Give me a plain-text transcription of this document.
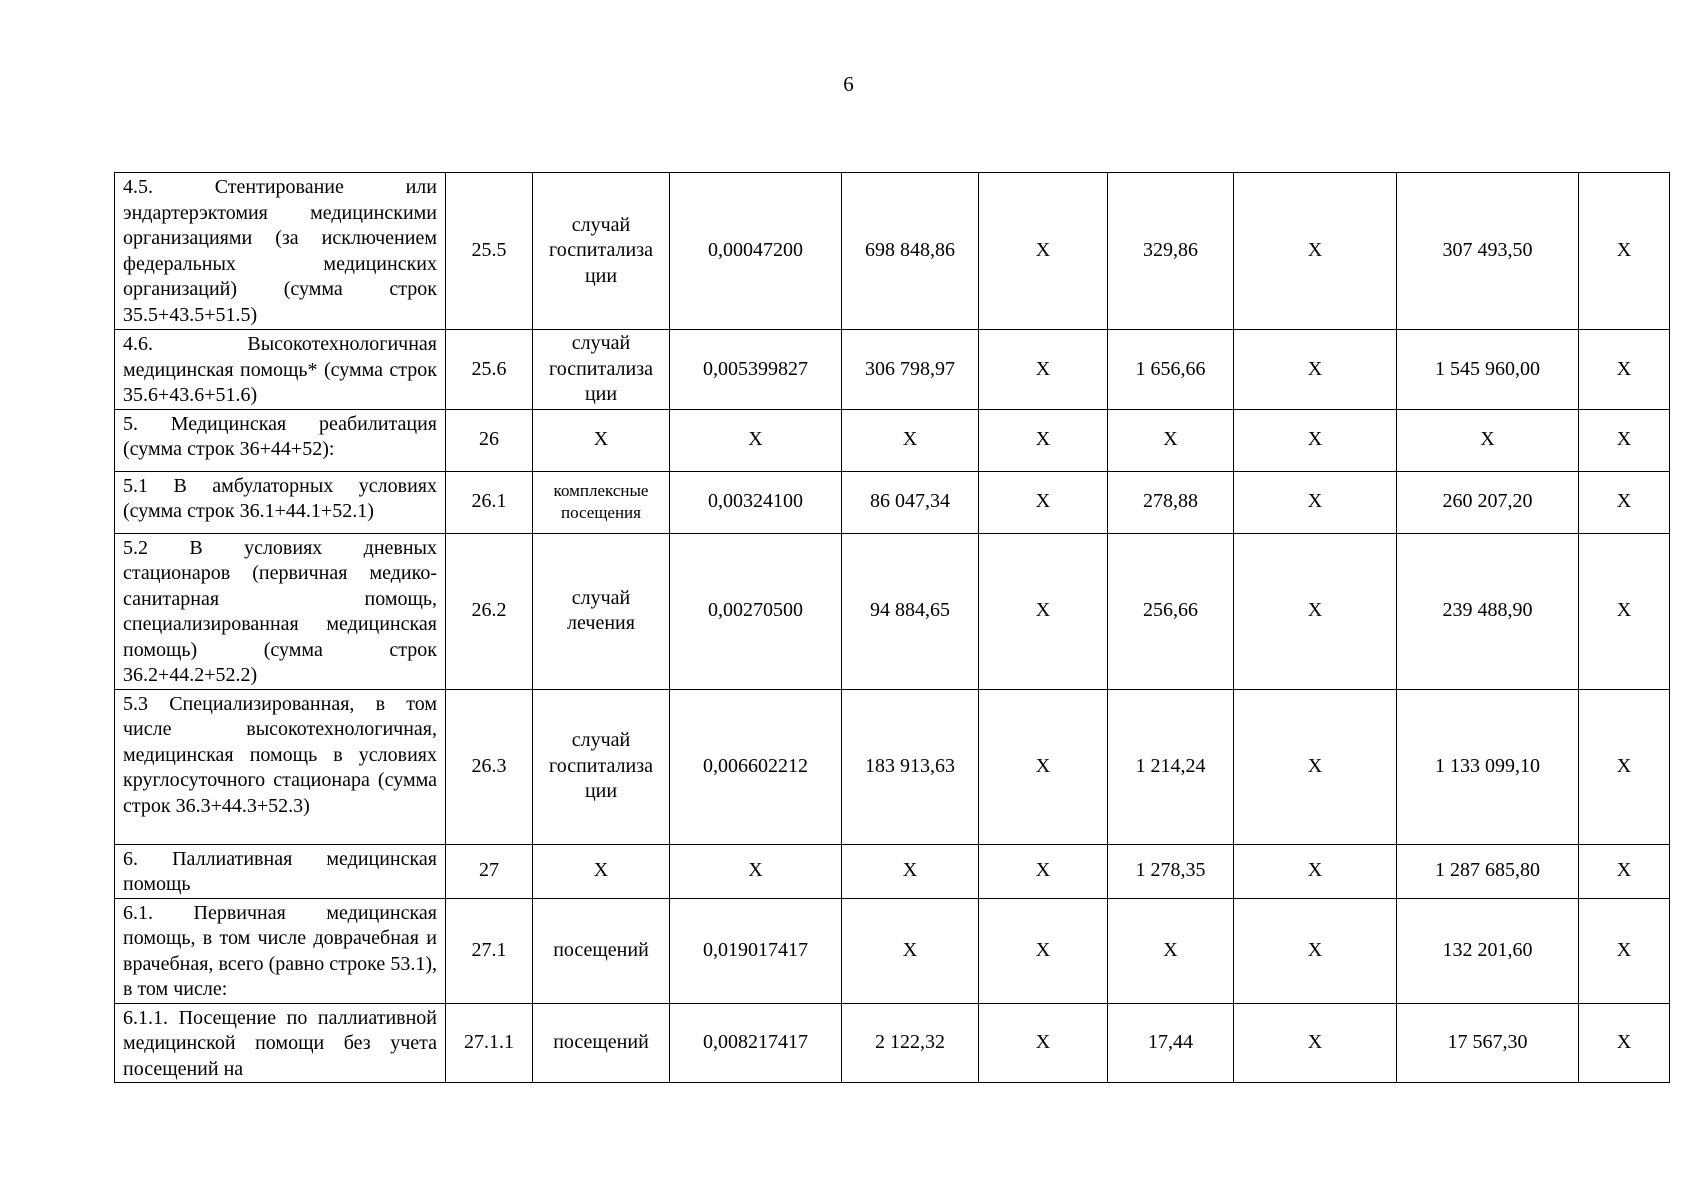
6
4.5. Стентирование или эндартерэктомия медицинскими организациями (за исключением федеральных медицинских организаций) (сумма строк 35.5+43.5+51.5)	25.5	случай госпитализа ции	0,00047200	698 848,86	Х	329,86	Х	307 493,50	Х
4.6. Высокотехнологичная медицинская помощь* (сумма строк 35.6+43.6+51.6)	25.6	случай госпитализа ции	0,005399827	306 798,97	Х	1 656,66	Х	1 545 960,00	Х
5. Медицинская реабилитация (сумма строк 36+44+52):	26	Х	Х	Х	Х	Х	Х	Х	Х
5.1 В амбулаторных условиях (сумма строк 36.1+44.1+52.1)	26.1	комплексные посещения	0,00324100	86 047,34	Х	278,88	Х	260 207,20	Х
5.2 В условиях дневных стационаров (первичная медико-санитарная помощь, специализированная медицинская помощь) (сумма строк 36.2+44.2+52.2)	26.2	случай лечения	0,00270500	94 884,65	Х	256,66	Х	239 488,90	Х
5.3 Специализированная, в том числе высокотехнологичная, медицинская помощь в условиях круглосуточного стационара (сумма строк 36.3+44.3+52.3)	26.3	случай госпитализа ции	0,006602212	183 913,63	Х	1 214,24	Х	1 133 099,10	Х
6. Паллиативная медицинская помощь	27	Х	Х	Х	Х	1 278,35	Х	1 287 685,80	Х
6.1. Первичная медицинская помощь, в том числе доврачебная и врачебная, всего (равно строке 53.1), в том числе:	27.1	посещений	0,019017417	Х	Х	Х	Х	132 201,60	Х
6.1.1. Посещение по паллиативной медицинской помощи без учета посещений на	27.1.1	посещений	0,008217417	2 122,32	Х	17,44	Х	17 567,30	Х
